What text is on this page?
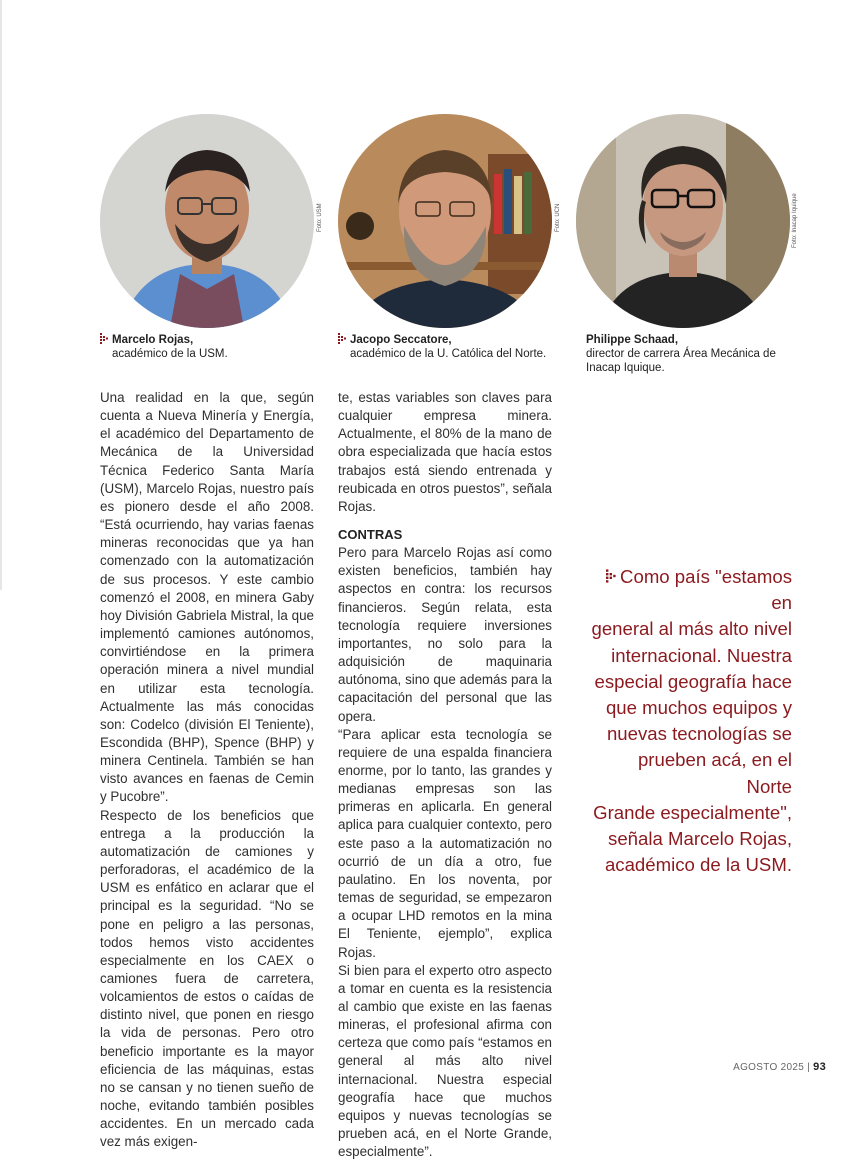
Foto: USM	Foto: UCN	Foto: Inacap Iquique
Marcelo Rojas,
académico de la USM.
Jacopo Seccatore,
académico de la U. Católica del Norte.
Philippe Schaad,
director de carrera Área Mecánica de
Inacap Iquique.

Una realidad en la que, según cuenta a Nueva Minería y Energía, el académico del Departamento de Mecánica de la Universidad Técnica Federico Santa María (USM), Marcelo Rojas, nuestro país es pionero desde el año 2008. “Está ocurriendo, hay varias faenas mineras reconocidas que ya han comenzado con la automatización de sus procesos. Y este cambio comenzó el 2008, en minera Gaby hoy División Gabriela Mistral, la que implementó camiones autónomos, convirtiéndose en la primera operación minera a nivel mundial en utilizar esta tecnología. Actualmente las más conocidas son: Codelco (división El Teniente), Escondida (BHP), Spence (BHP) y minera Centinela. También se han visto avances en faenas de Cemin y Pucobre”.

Respecto de los beneficios que entrega a la producción la automatización de camiones y perforadoras, el académico de la USM es enfático en aclarar que el principal es la seguridad. “No se pone en peligro a las personas, todos hemos visto accidentes especialmente en los CAEX o camiones fuera de carretera, volcamientos de estos o caídas de distinto nivel, que ponen en riesgo la vida de personas. Pero otro beneficio importante es la mayor eficiencia de las máquinas, estas no se cansan y no tienen sueño de noche, evitando también posibles accidentes. En un mercado cada vez más exigen-

te, estas variables son claves para cualquier empresa minera. Actualmente, el 80% de la mano de obra especializada que hacía estos trabajos está siendo entrenada y reubicada en otros puestos”, señala Rojas.

CONTRAS

Pero para Marcelo Rojas así como existen beneficios, también hay aspectos en contra: los recursos financieros. Según relata, esta tecnología requiere inversiones importantes, no solo para la adquisición de maquinaria autónoma, sino que además para la capacitación del personal que las opera.

“Para aplicar esta tecnología se requiere de una espalda financiera enorme, por lo tanto, las grandes y medianas empresas son las primeras en aplicarla. En general aplica para cualquier contexto, pero este paso a la automatización no ocurrió de un día a otro, fue paulatino. En los noventa, por temas de seguridad, se empezaron a ocupar LHD remotos en la mina El Teniente, ejemplo”, explica Rojas.

Si bien para el experto otro aspecto a tomar en cuenta es la resistencia al cambio que existe en las faenas mineras, el profesional afirma con certeza que como país “estamos en general al más alto nivel internacional. Nuestra especial geografía hace que muchos equipos y nuevas tecnologías se prueben acá, en el Norte Grande, especialmente”.

Como país "estamos en
general al más alto nivel
internacional. Nuestra
especial geografía hace
que muchos equipos y
nuevas tecnologías se
prueben acá, en el Norte
Grande especialmente",
señala Marcelo Rojas,
académico de la USM.
AGOSTO 2025 | 93
